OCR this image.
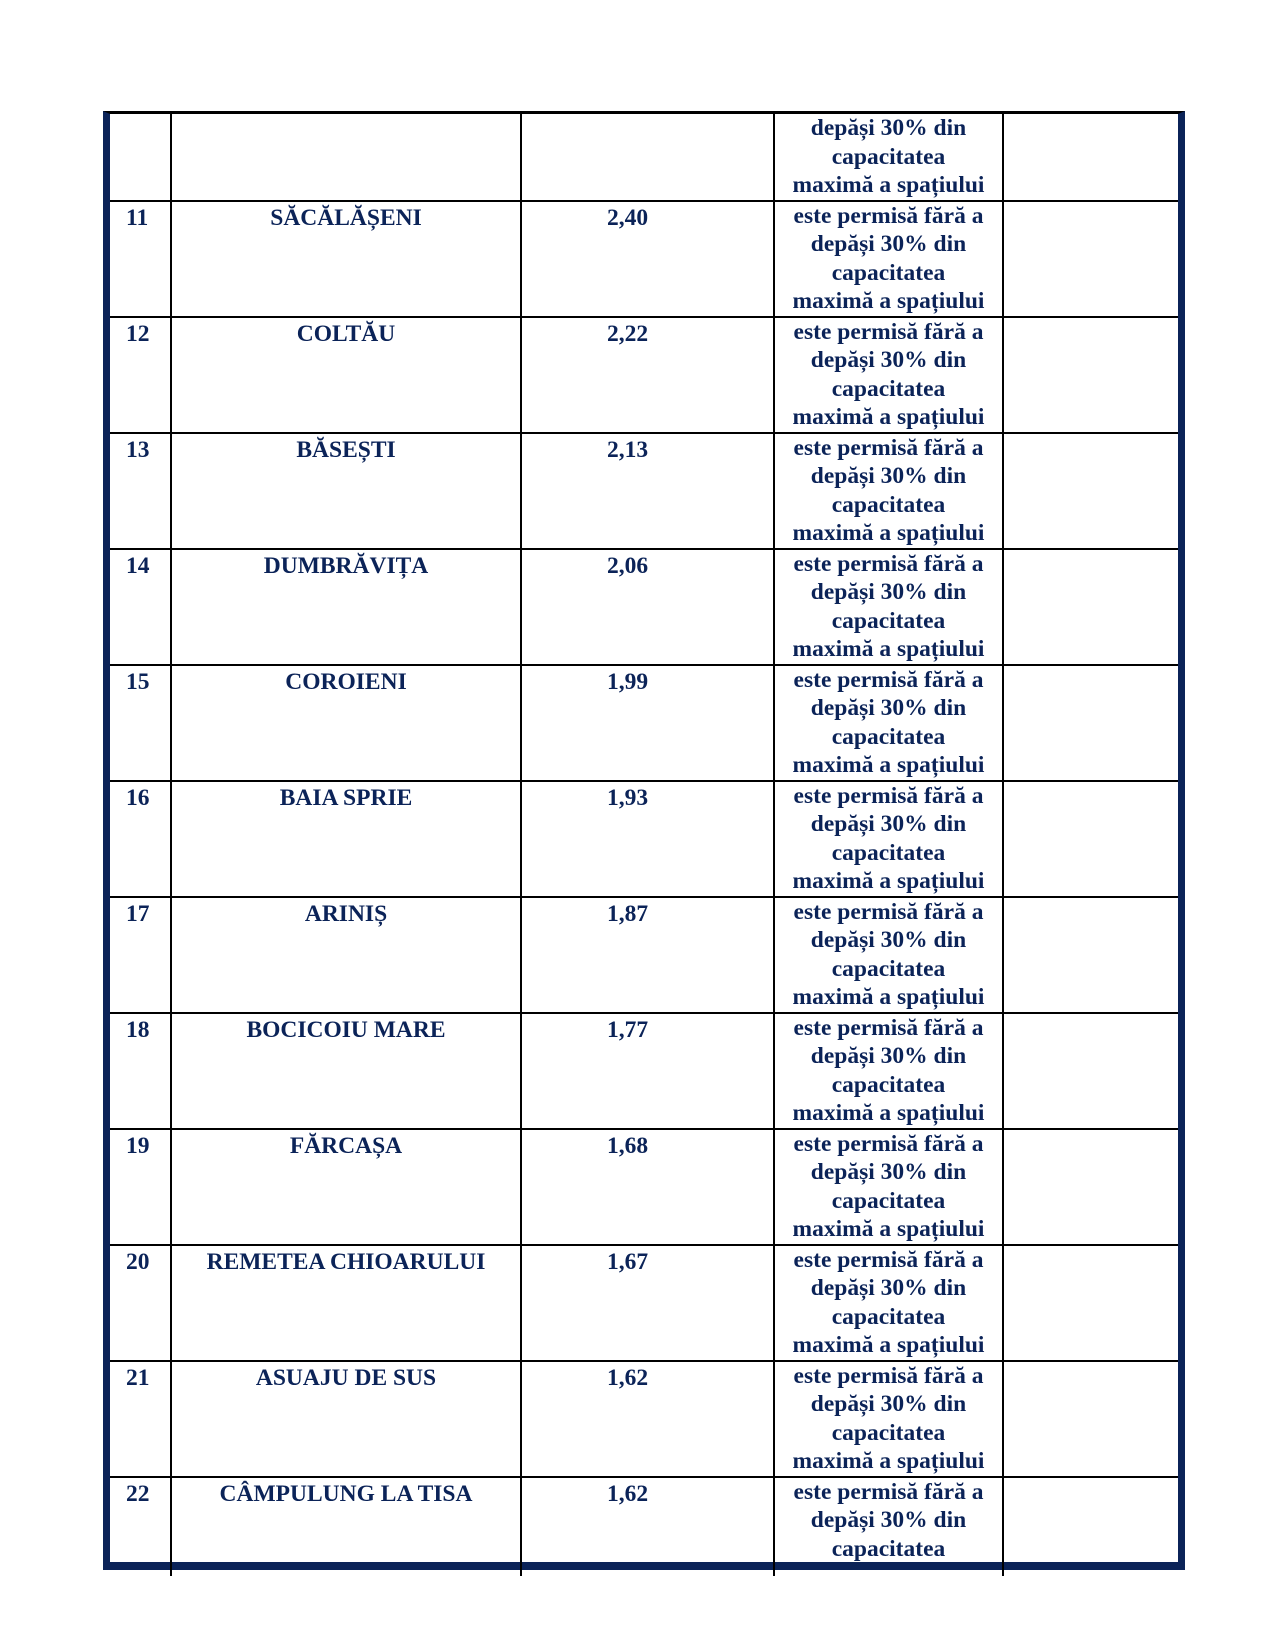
			depăși 30% din
capacitatea
maximă a spațiului	

11	SĂCĂLĂȘENI	2,40	este permisă fără a
depăși 30% din
capacitatea
maximă a spațiului	

12	COLTĂU	2,22	este permisă fără a
depăși 30% din
capacitatea
maximă a spațiului	

13	BĂSEȘTI	2,13	este permisă fără a
depăși 30% din
capacitatea
maximă a spațiului	

14	DUMBRĂVIȚA	2,06	este permisă fără a
depăși 30% din
capacitatea
maximă a spațiului	

15	COROIENI	1,99	este permisă fără a
depăși 30% din
capacitatea
maximă a spațiului	

16	BAIA SPRIE	1,93	este permisă fără a
depăși 30% din
capacitatea
maximă a spațiului	

17	ARINIȘ	1,87	este permisă fără a
depăși 30% din
capacitatea
maximă a spațiului	

18	BOCICOIU MARE	1,77	este permisă fără a
depăși 30% din
capacitatea
maximă a spațiului	

19	FĂRCAȘA	1,68	este permisă fără a
depăși 30% din
capacitatea
maximă a spațiului	

20	REMETEA CHIOARULUI	1,67	este permisă fără a
depăși 30% din
capacitatea
maximă a spațiului	

21	ASUAJU DE SUS	1,62	este permisă fără a
depăși 30% din
capacitatea
maximă a spațiului	

22	CÂMPULUNG LA TISA	1,62	este permisă fără a
depăși 30% din
capacitatea	
